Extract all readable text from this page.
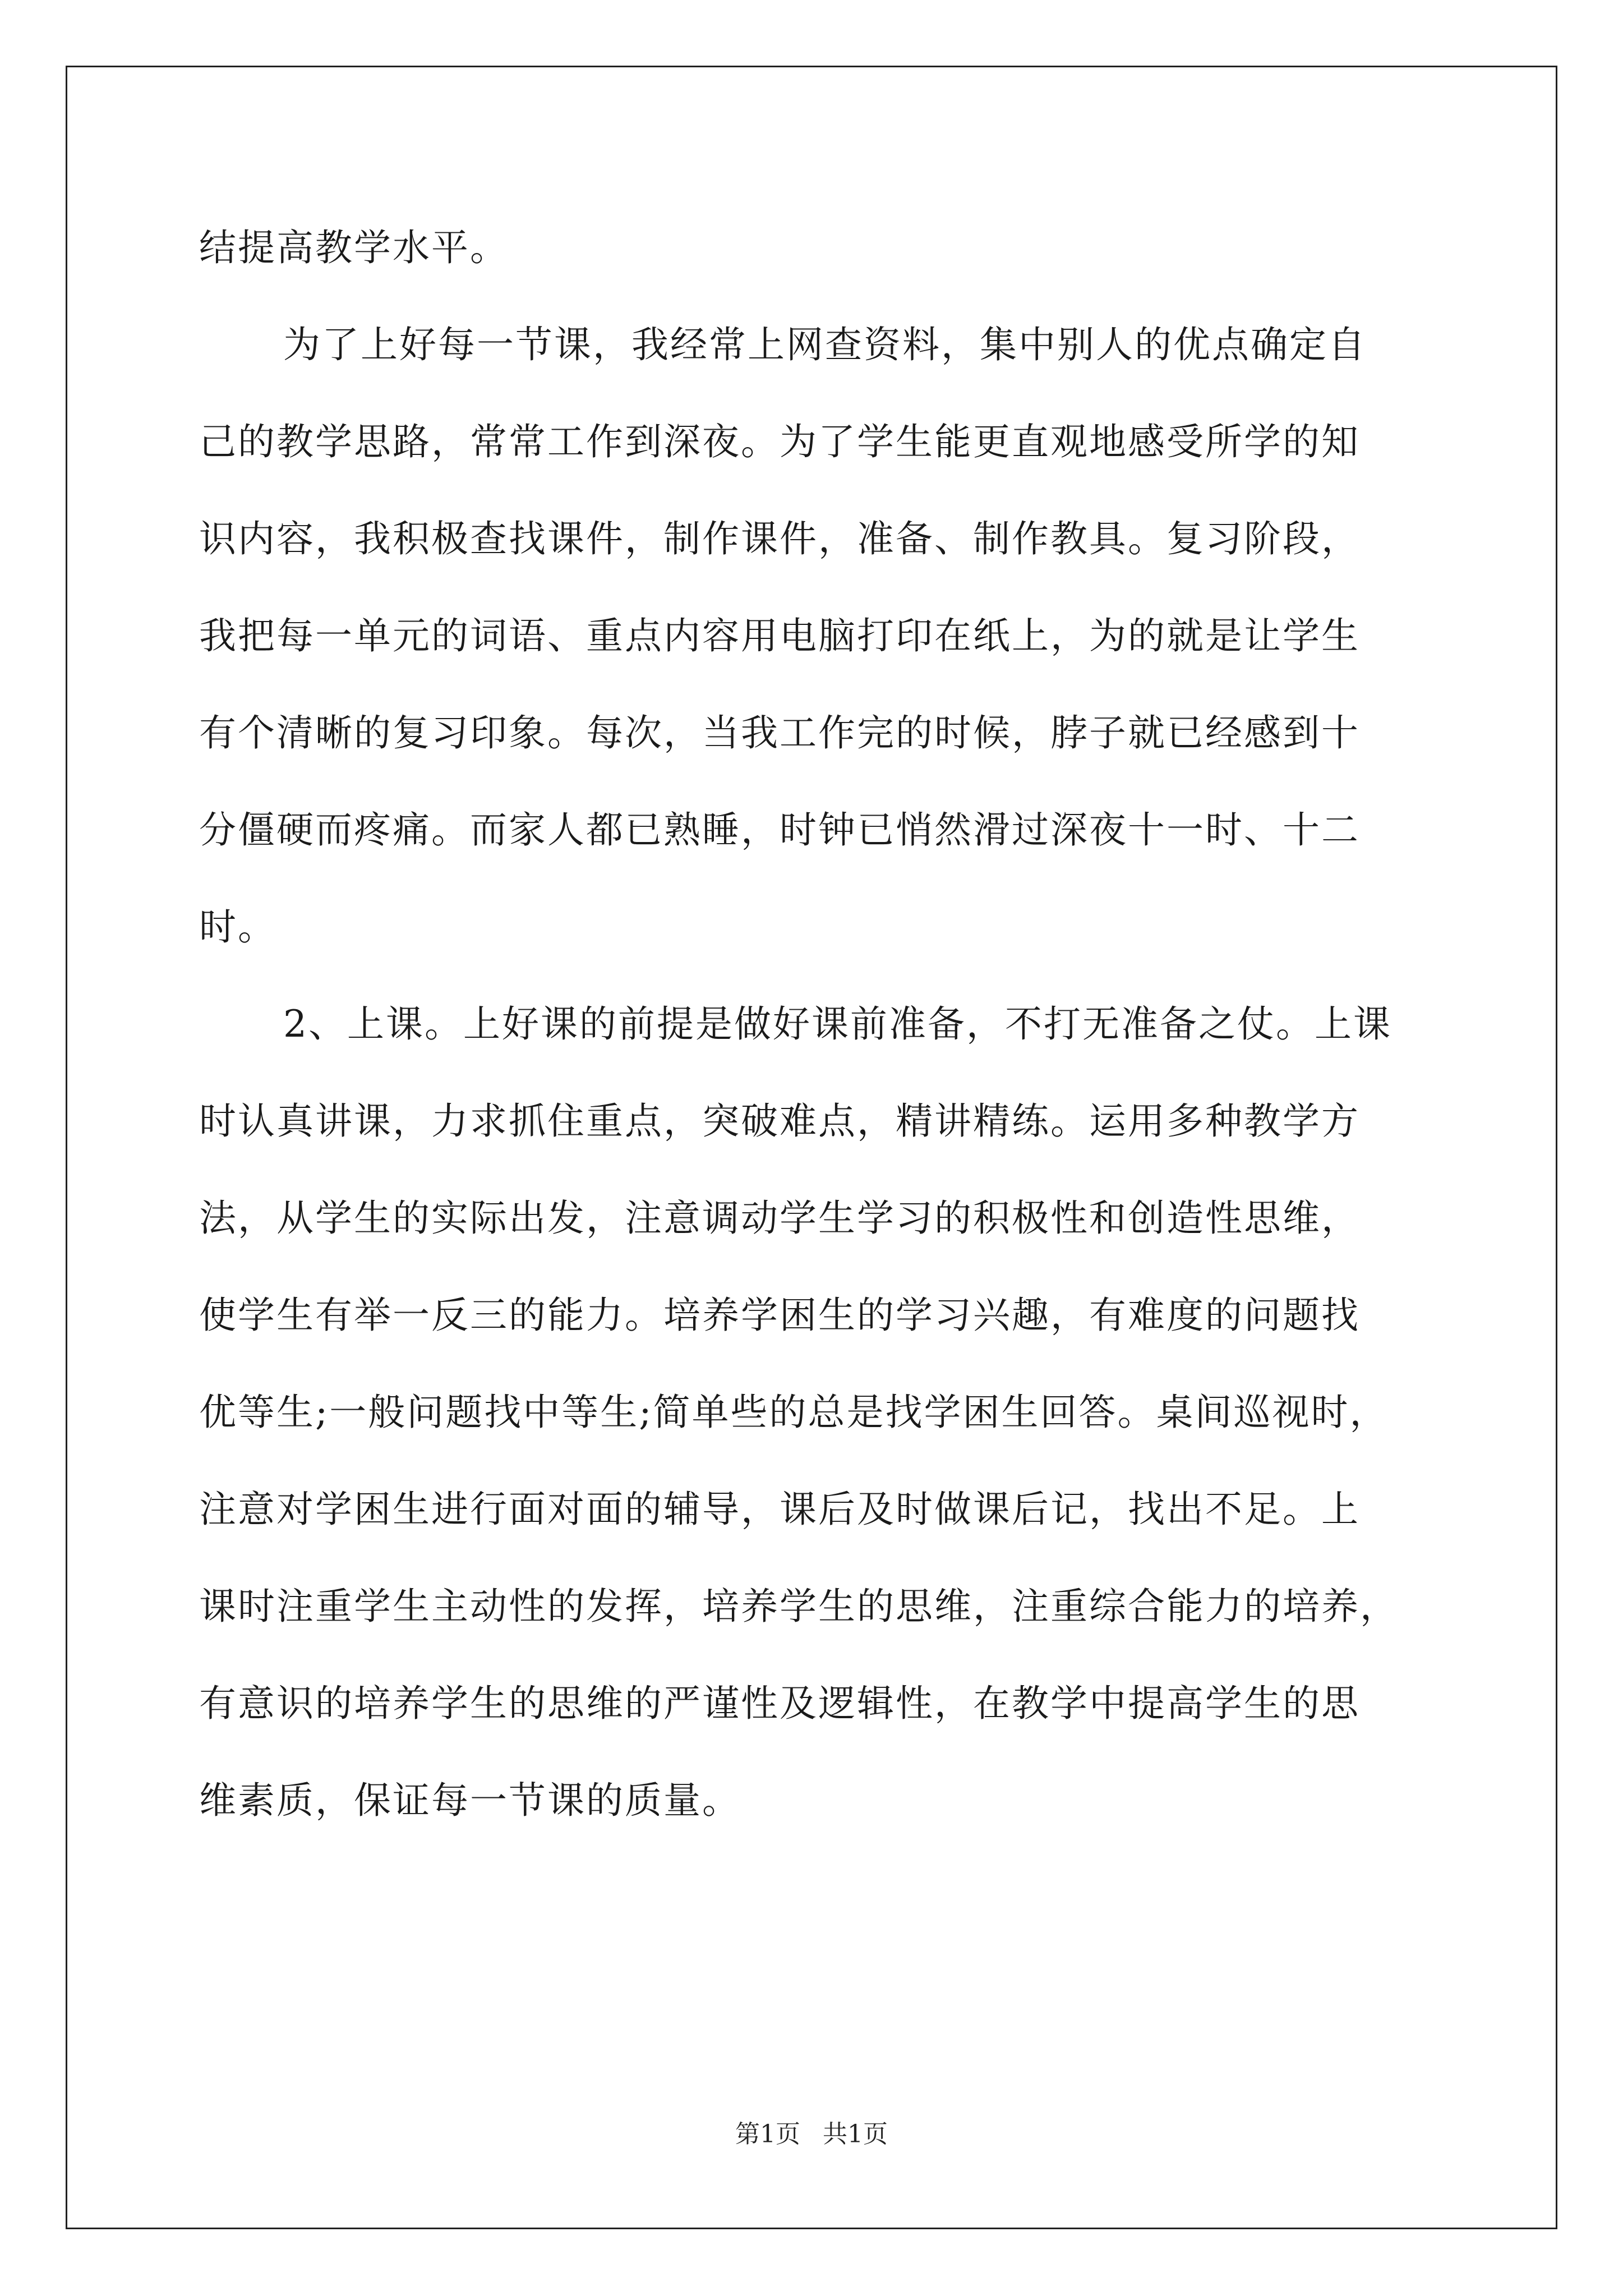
结提高教学水平。

为了上好每一节课，我经常上网查资料，集中别人的优点确定自
己的教学思路，常常工作到深夜。为了学生能更直观地感受所学的知
识内容，我积极查找课件，制作课件，准备、制作教具。复习阶段，
我把每一单元的词语、重点内容用电脑打印在纸上，为的就是让学生
有个清晰的复习印象。每次，当我工作完的时候，脖子就已经感到十
分僵硬而疼痛。而家人都已熟睡，时钟已悄然滑过深夜十一时、十二
时。

2、上课。上好课的前提是做好课前准备，不打无准备之仗。上课
时认真讲课，力求抓住重点，突破难点，精讲精练。运用多种教学方
法，从学生的实际出发，注意调动学生学习的积极性和创造性思维，
使学生有举一反三的能力。培养学困生的学习兴趣，有难度的问题找
优等生;一般问题找中等生;简单些的总是找学困生回答。桌间巡视时，
注意对学困生进行面对面的辅导，课后及时做课后记，找出不足。上
课时注重学生主动性的发挥，培养学生的思维，注重综合能力的培养，
有意识的培养学生的思维的严谨性及逻辑性，在教学中提高学生的思
维素质，保证每一节课的质量。

第1页 共1页
